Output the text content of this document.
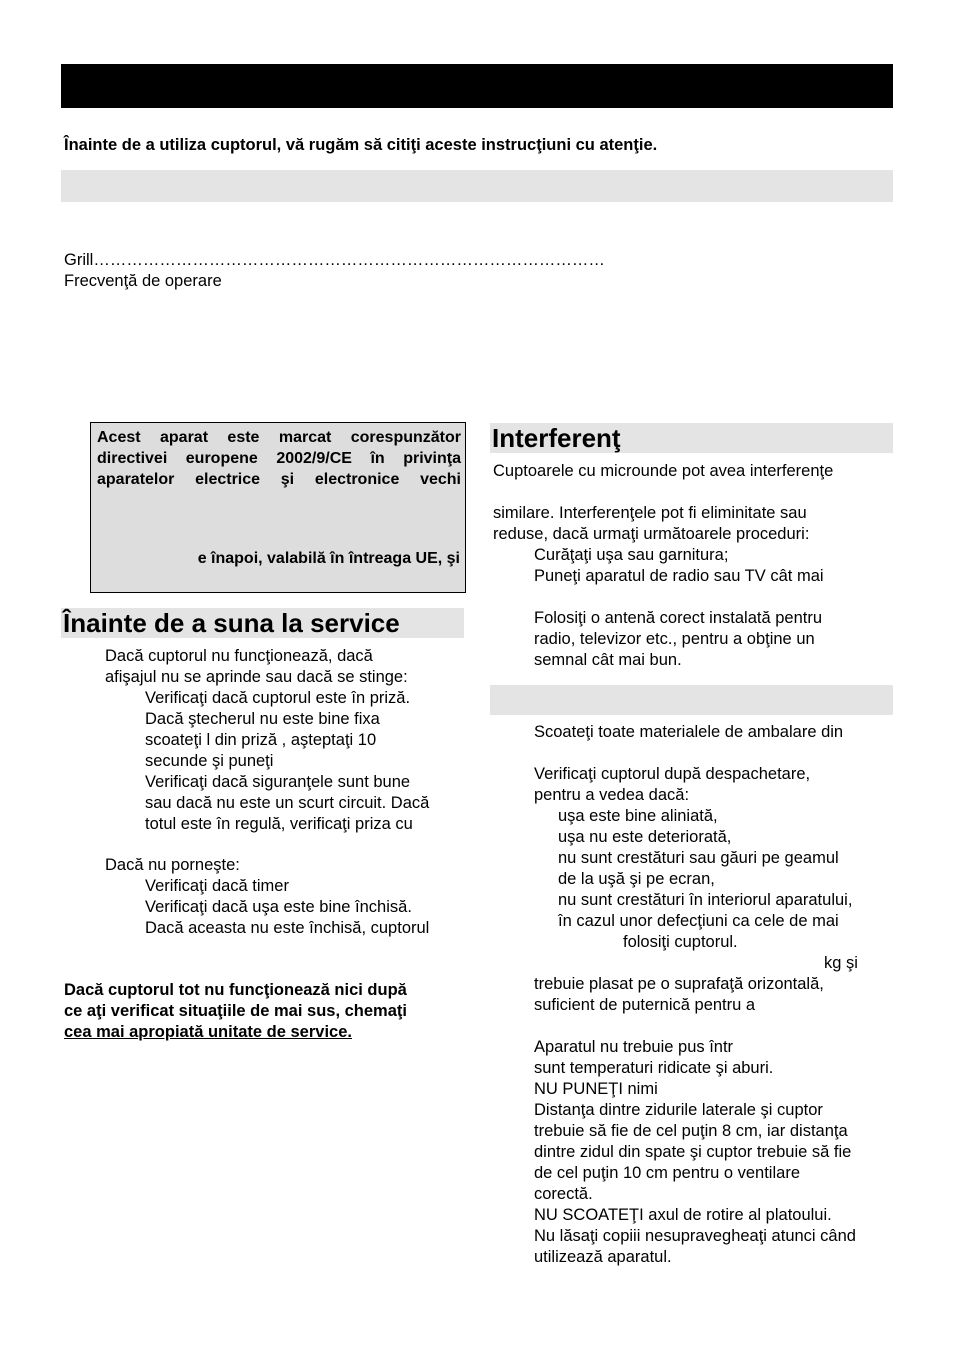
Înainte de a utiliza cuptorul, vă rugăm să citiţi aceste instrucţiuni cu atenţie.
Grill…………………………………………………………………………………
Frecvenţă de operare
Acest aparat este marcat corespunzător
directivei europene 2002/9/CE în privinţa
aparatelor electrice şi electronice vechi
e înapoi, valabilă în întreaga UE, şi
Înainte de a suna la service
Dacă cuptorul nu funcţionează, dacă
afişajul nu se aprinde sau dacă se stinge:
Verificaţi dacă cuptorul este în priză.
Dacă ştecherul nu este bine fixa
scoateţi l din priză , aşteptaţi 10
secunde şi puneţi
Verificaţi dacă siguranţele sunt bune
sau dacă nu este un scurt circuit. Dacă
totul este în regulă, verificaţi priza cu
Dacă nu porneşte:
Verificaţi dacă timer
Verificaţi dacă uşa este bine închisă.
Dacă aceasta nu este închisă, cuptorul
Dacă cuptorul tot nu funcţionează nici după
ce aţi verificat situaţiile de mai sus, chemaţi
cea mai apropiată unitate de service.
Interferenţ
Cuptoarele cu microunde pot avea interferenţe
similare. Interferenţele pot fi eliminitate sau
reduse, dacă urmaţi următoarele proceduri:
Curăţaţi uşa sau garnitura;
Puneţi aparatul de radio sau TV cât mai
Folosiţi o antenă corect instalată pentru
radio, televizor etc., pentru a obţine un
semnal cât mai bun.
Scoateţi toate materialele de ambalare din
Verificaţi cuptorul după despachetare,
pentru a vedea dacă:
uşa este bine aliniată,
uşa nu este deteriorată,
nu sunt crestături sau găuri pe geamul
de la uşă şi pe ecran,
nu sunt crestături în interiorul aparatului,
în cazul unor defecţiuni ca cele de mai
folosiţi cuptorul.
kg şi
trebuie plasat pe o suprafaţă orizontală,
suficient de puternică pentru a
Aparatul nu trebuie pus într
sunt temperaturi ridicate şi aburi.
NU PUNEŢI nimi
Distanţa dintre zidurile laterale şi cuptor
trebuie să fie de cel puţin 8 cm, iar distanţa
dintre zidul din spate şi cuptor trebuie să fie
de cel puţin 10 cm pentru o ventilare
corectă.
NU SCOATEŢI axul de rotire al platoului.
Nu lăsaţi copiii nesupravegheaţi atunci când
utilizează aparatul.
